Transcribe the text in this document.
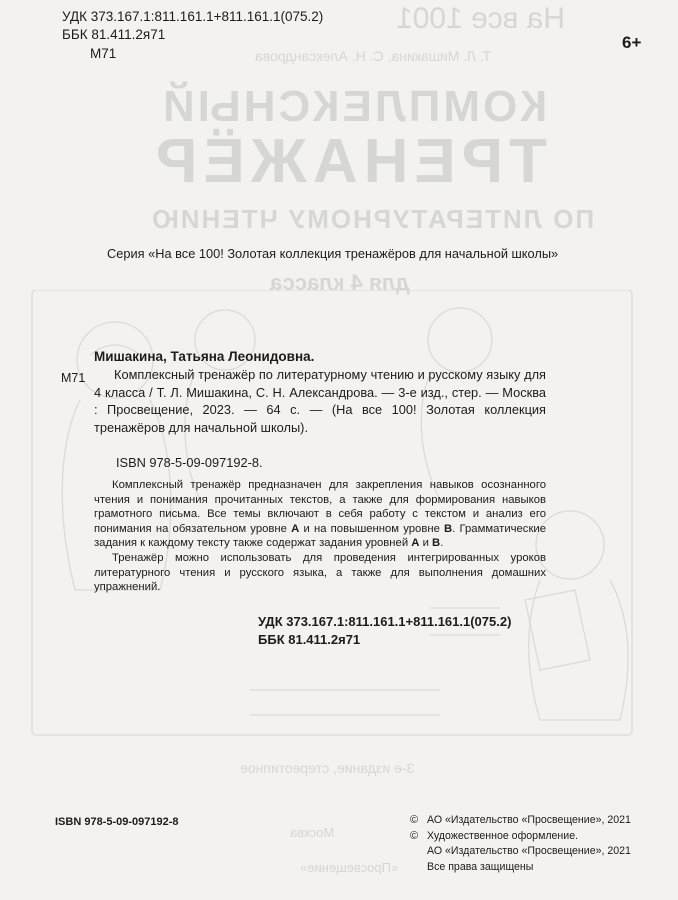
На все 1001
Т. Л. Мишакина, С. Н. Александрова
КОМПЛЕКСНЫЙ
ТРЕНАЖЁР
ПО ЛИТЕРАТУРНОМУ ЧТЕНИЮ
для 4 класса
3-е издание, стереотипное
Москва
«Просвещение»
УДК 373.167.1:811.161.1+811.161.1(075.2)
ББК 81.411.2я71
М71
6+
Серия «На все 100! Золотая коллекция тренажёров для начальной школы»
Мишакина, Татьяна Леонидовна.
М71	Комплексный тренажёр по литературному чтению и русскому языку для 4 класса / Т. Л. Мишакина, С. Н. Александрова. — 3-е изд., стер. — Москва : Просвещение, 2023. — 64 с. — (На все 100! Золотая коллекция тренажёров для начальной школы).
ISBN 978-5-09-097192-8.

Комплексный тренажёр предназначен для закрепления навыков осознанного чтения и понимания прочитанных текстов, а также для формирования навыков грамотного письма. Все темы включают в себя работу с текстом и анализ его понимания на обязательном уровне А и на повышенном уровне В. Грамматические задания к каждому тексту также содержат задания уровней А и В.

Тренажёр можно использовать для проведения интегрированных уроков литературного чтения и русского языка, а также для выполнения домашних упражнений.

УДК 373.167.1:811.161.1+811.161.1(075.2)
ББК 81.411.2я71
ISBN 978-5-09-097192-8	© АО «Издательство «Просвещение», 2021
© Художественное оформление.
АО «Издательство «Просвещение», 2021
Все права защищены
